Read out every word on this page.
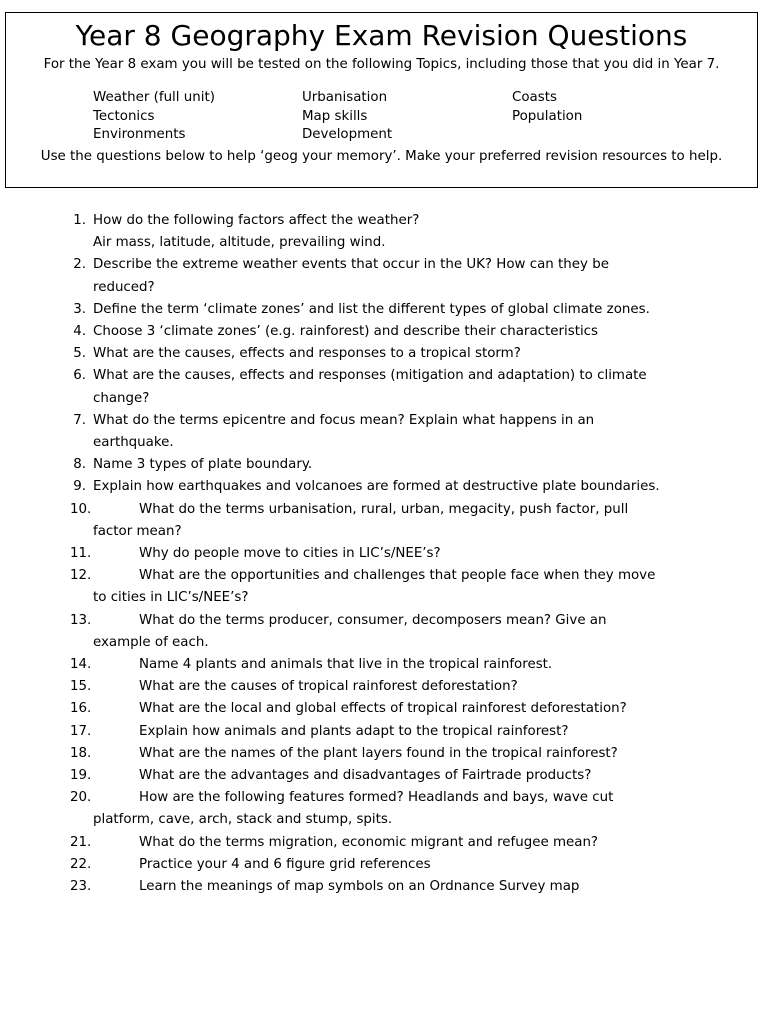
Year 8 Geography Exam Revision Questions
For the Year 8 exam you will be tested on the following Topics, including those that you did in Year 7.
Weather (full unit)	Urbanisation	Coasts
Tectonics	Map skills	Population
Environments	Development
Use the questions below to help ‘geog your memory’. Make your preferred revision resources to help.
1. How do the following factors affect the weather?
Air mass, latitude, altitude, prevailing wind.
2. Describe the extreme weather events that occur in the UK? How can they be
reduced?
3. Define the term ‘climate zones’ and list the different types of global climate zones.
4. Choose 3 ‘climate zones’ (e.g. rainforest) and describe their characteristics
5. What are the causes, effects and responses to a tropical storm?
6. What are the causes, effects and responses (mitigation and adaptation) to climate
change?
7. What do the terms epicentre and focus mean? Explain what happens in an
earthquake.
8. Name 3 types of plate boundary.
9. Explain how earthquakes and volcanoes are formed at destructive plate boundaries.
10.	What do the terms urbanisation, rural, urban, megacity, push factor, pull
factor mean?
11.	Why do people move to cities in LIC’s/NEE’s?
12.	What are the opportunities and challenges that people face when they move
to cities in LIC’s/NEE’s?
13.	What do the terms producer, consumer, decomposers mean? Give an
example of each.
14.	Name 4 plants and animals that live in the tropical rainforest.
15.	What are the causes of tropical rainforest deforestation?
16.	What are the local and global effects of tropical rainforest deforestation?
17.	Explain how animals and plants adapt to the tropical rainforest?
18.	What are the names of the plant layers found in the tropical rainforest?
19.	What are the advantages and disadvantages of Fairtrade products?
20.	How are the following features formed? Headlands and bays, wave cut
platform, cave, arch, stack and stump, spits.
21.	What do the terms migration, economic migrant and refugee mean?
22.	Practice your 4 and 6 figure grid references
23.	Learn the meanings of map symbols on an Ordnance Survey map
